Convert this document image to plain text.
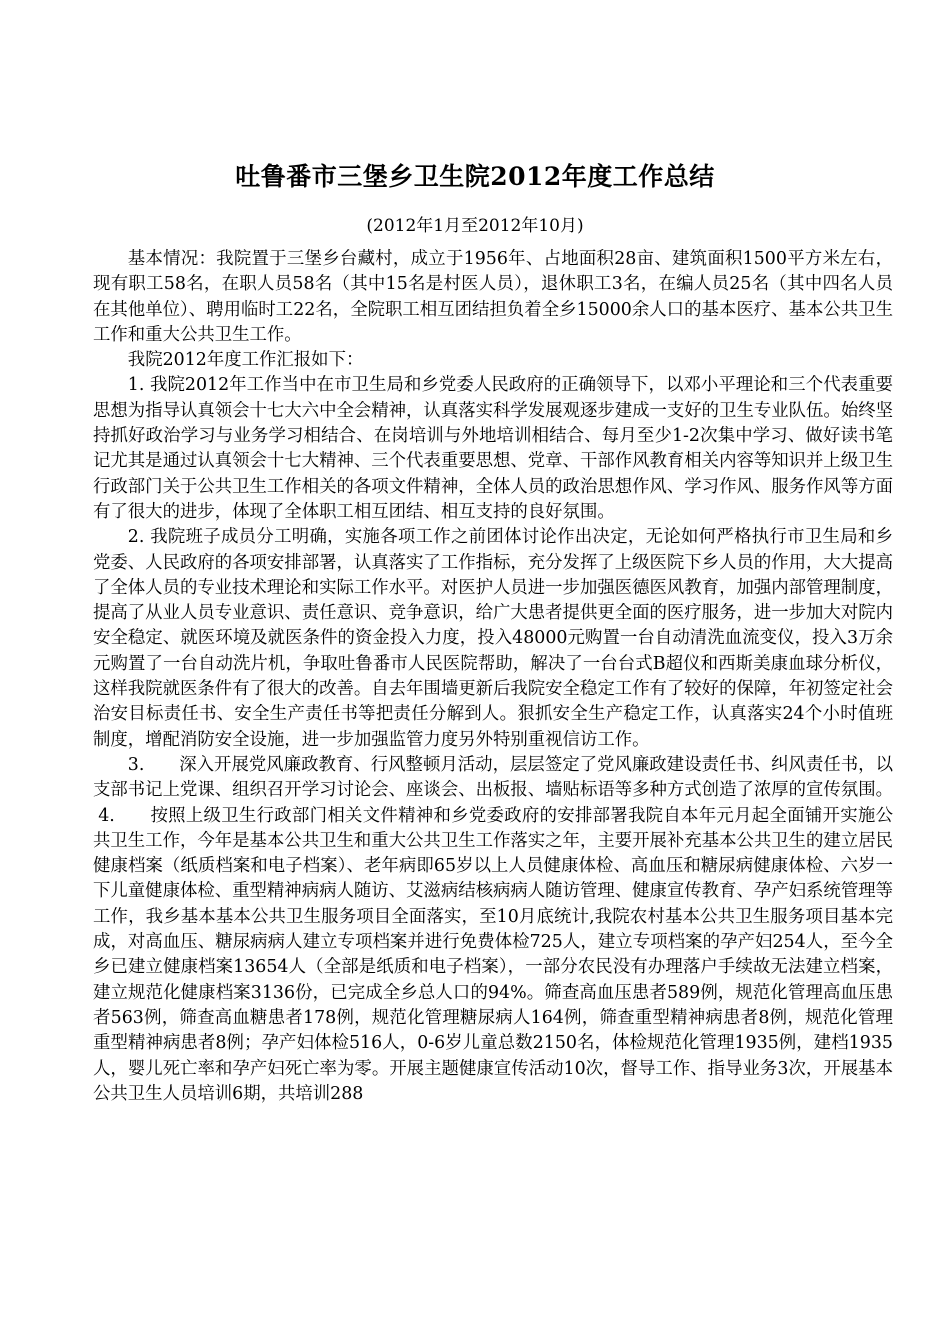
吐鲁番市三堡乡卫生院2012年度工作总结
(2012年1月至2012年10月)

基本情况：我院置于三堡乡台藏村，成立于1956年、占地面积28亩、建筑面积1500平方米左右，现有职工58名，在职人员58名（其中15名是村医人员），退休职工3名，在编人员25名（其中四名人员在其他单位）、聘用临时工22名，全院职工相互团结担负着全乡15000余人口的基本医疗、基本公共卫生工作和重大公共卫生工作。

我院2012年度工作汇报如下：

1. 我院2012年工作当中在市卫生局和乡党委人民政府的正确领导下，以邓小平理论和三个代表重要思想为指导认真领会十七大六中全会精神，认真落实科学发展观逐步建成一支好的卫生专业队伍。始终坚持抓好政治学习与业务学习相结合、在岗培训与外地培训相结合、每月至少1-2次集中学习、做好读书笔记尤其是通过认真领会十七大精神、三个代表重要思想、党章、干部作风教育相关内容等知识并上级卫生行政部门关于公共卫生工作相关的各项文件精神，全体人员的政治思想作风、学习作风、服务作风等方面有了很大的进步，体现了全体职工相互团结、相互支持的良好氛围。

2. 我院班子成员分工明确，实施各项工作之前团体讨论作出决定，无论如何严格执行市卫生局和乡党委、人民政府的各项安排部署，认真落实了工作指标，充分发挥了上级医院下乡人员的作用，大大提高了全体人员的专业技术理论和实际工作水平。对医护人员进一步加强医德医风教育，加强内部管理制度，提高了从业人员专业意识、责任意识、竞争意识，给广大患者提供更全面的医疗服务，进一步加大对院内安全稳定、就医环境及就医条件的资金投入力度，投入48000元购置一台自动清洗血流变仪，投入3万余元购置了一台自动洗片机，争取吐鲁番市人民医院帮助，解决了一台台式B超仪和西斯美康血球分析仪，这样我院就医条件有了很大的改善。自去年围墙更新后我院安全稳定工作有了较好的保障，年初签定社会治安目标责任书、安全生产责任书等把责任分解到人。狠抓安全生产稳定工作，认真落实24个小时值班制度，增配消防安全设施，进一步加强监管力度另外特别重视信访工作。

3.　　深入开展党风廉政教育、行风整顿月活动，层层签定了党风廉政建设责任书、纠风责任书，以支部书记上党课、组织召开学习讨论会、座谈会、出板报、墙贴标语等多种方式创造了浓厚的宣传氛围。

4.　　按照上级卫生行政部门相关文件精神和乡党委政府的安排部署我院自本年元月起全面铺开实施公共卫生工作，今年是基本公共卫生和重大公共卫生工作落实之年，主要开展补充基本公共卫生的建立居民健康档案（纸质档案和电子档案）、老年病即65岁以上人员健康体检、高血压和糖尿病健康体检、六岁一下儿童健康体检、重型精神病病人随访、艾滋病结核病病人随访管理、健康宣传教育、孕产妇系统管理等工作，我乡基本基本公共卫生服务项目全面落实，至10月底统计,我院农村基本公共卫生服务项目基本完成，对高血压、糖尿病病人建立专项档案并进行免费体检725人，建立专项档案的孕产妇254人，至今全乡已建立健康档案13654人（全部是纸质和电子档案），一部分农民没有办理落户手续故无法建立档案，建立规范化健康档案3136份，已完成全乡总人口的94%。筛查高血压患者589例，规范化管理高血压患者563例，筛查高血糖患者178例，规范化管理糖尿病人164例，筛查重型精神病患者8例，规范化管理重型精神病患者8例；孕产妇体检516人，0-6岁儿童总数2150名，体检规范化管理1935例，建档1935人，婴儿死亡率和孕产妇死亡率为零。开展主题健康宣传活动10次，督导工作、指导业务3次，开展基本公共卫生人员培训6期，共培训288
